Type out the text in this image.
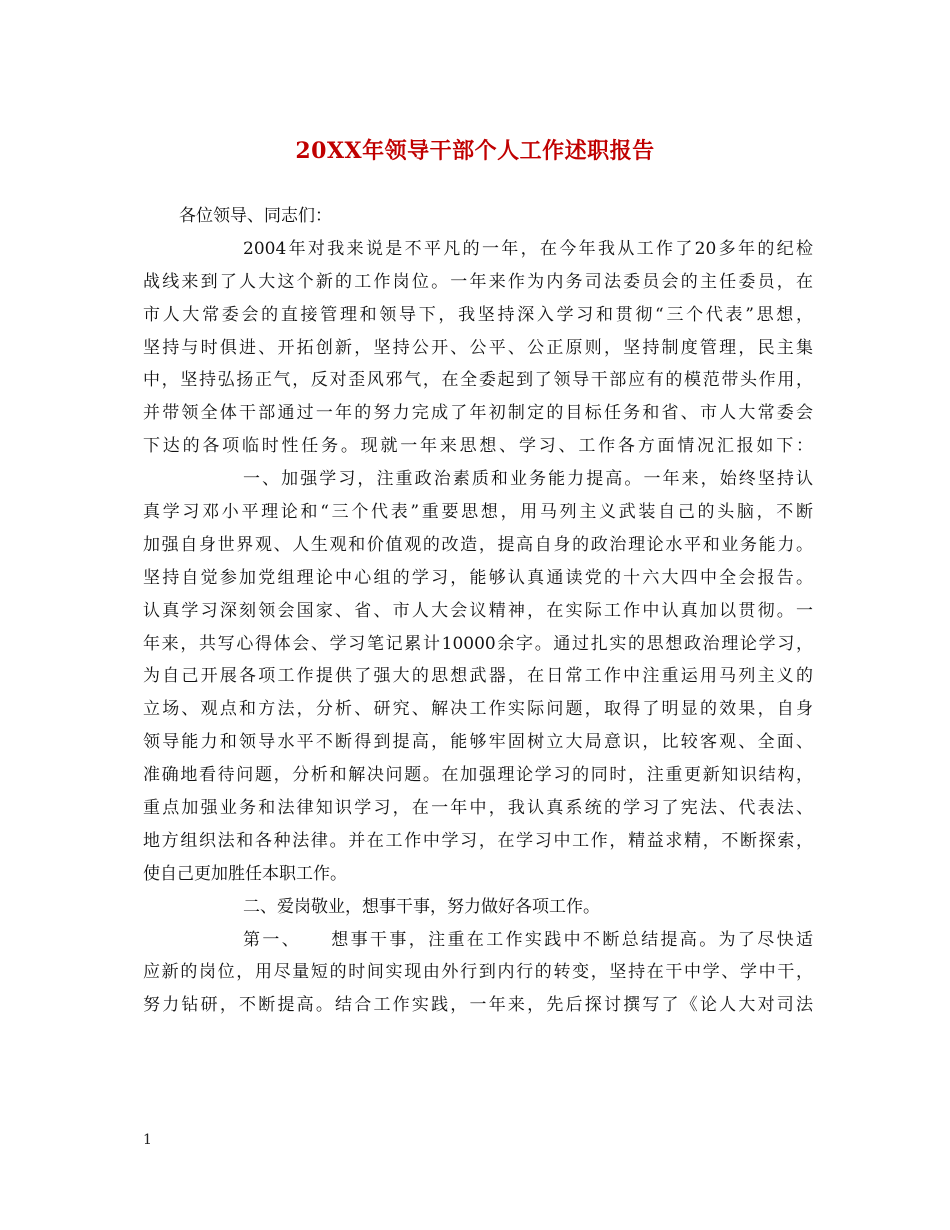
20XX年领导干部个人工作述职报告
各位领导、同志们：
2004年对我来说是不平凡的一年，在今年我从工作了20多年的纪检
战线来到了人大这个新的工作岗位。一年来作为内务司法委员会的主任委员，在
市人大常委会的直接管理和领导下，我坚持深入学习和贯彻“三个代表”思想，
坚持与时俱进、开拓创新，坚持公开、公平、公正原则，坚持制度管理，民主集
中，坚持弘扬正气，反对歪风邪气，在全委起到了领导干部应有的模范带头作用，
并带领全体干部通过一年的努力完成了年初制定的目标任务和省、市人大常委会
下达的各项临时性任务。现就一年来思想、学习、工作各方面情况汇报如下：
一、加强学习，注重政治素质和业务能力提高。一年来，始终坚持认
真学习邓小平理论和“三个代表”重要思想，用马列主义武装自己的头脑，不断
加强自身世界观、人生观和价值观的改造，提高自身的政治理论水平和业务能力。
坚持自觉参加党组理论中心组的学习，能够认真通读党的十六大四中全会报告。
认真学习深刻领会国家、省、市人大会议精神，在实际工作中认真加以贯彻。一
年来，共写心得体会、学习笔记累计10000余字。通过扎实的思想政治理论学习，
为自己开展各项工作提供了强大的思想武器，在日常工作中注重运用马列主义的
立场、观点和方法，分析、研究、解决工作实际问题，取得了明显的效果，自身
领导能力和领导水平不断得到提高，能够牢固树立大局意识，比较客观、全面、
准确地看待问题，分析和解决问题。在加强理论学习的同时，注重更新知识结构，
重点加强业务和法律知识学习，在一年中，我认真系统的学习了宪法、代表法、
地方组织法和各种法律。并在工作中学习，在学习中工作，精益求精，不断探索，
使自己更加胜任本职工作。
二、爱岗敬业，想事干事，努力做好各项工作。
第一、　　想事干事，注重在工作实践中不断总结提高。为了尽快适
应新的岗位，用尽量短的时间实现由外行到内行的转变，坚持在干中学、学中干，
努力钻研，不断提高。结合工作实践，一年来，先后探讨撰写了《论人大对司法
1
